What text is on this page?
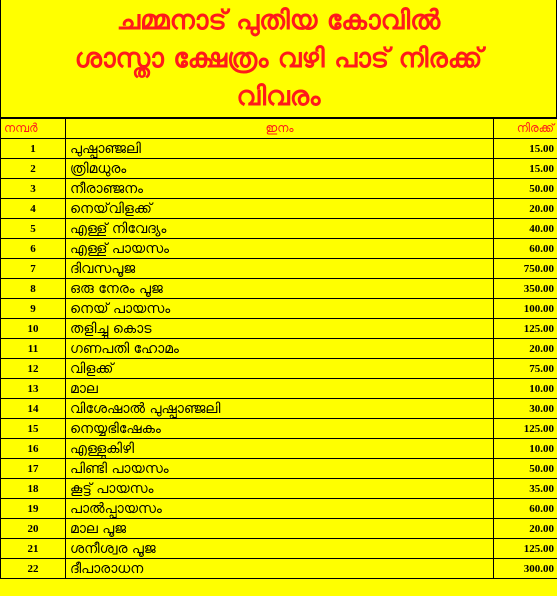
ചമ്മനാട് പുതിയ കോവിൽ
ശാസ്താ ക്ഷേത്രം വഴി പാട് നിരക്ക്
വിവരം
നമ്പർ	ഇനം	നിരക്ക്
1	പുഷ്പാഞ്ജലി	15.00
2	ത്രിമധുരം	15.00
3	നീരാഞ്ജനം	50.00
4	നെയ്‌വിളക്ക്	20.00
5	എള്ള് നിവേദ്യം	40.00
6	എള്ള് പായസം	60.00
7	ദിവസപൂജ	750.00
8	ഒരു നേരം പൂജ	350.00
9	നെയ് പായസം	100.00
10	തളിച്ചു കൊട	125.00
11	ഗണപതി ഹോമം	20.00
12	വിളക്ക്	75.00
13	മാല	10.00
14	വിശേഷാൽ പുഷ്പാഞ്ജലി	30.00
15	നെയ്യഭിഷേകം	125.00
16	എള്ളുകിഴി	10.00
17	പിണ്ടി പായസം	50.00
18	കൂട്ട് പായസം	35.00
19	പാൽപ്പായസം	60.00
20	മാല പൂജ	20.00
21	ശനീശ്വര പൂജ	125.00
22	ദീപാരാധന	300.00
